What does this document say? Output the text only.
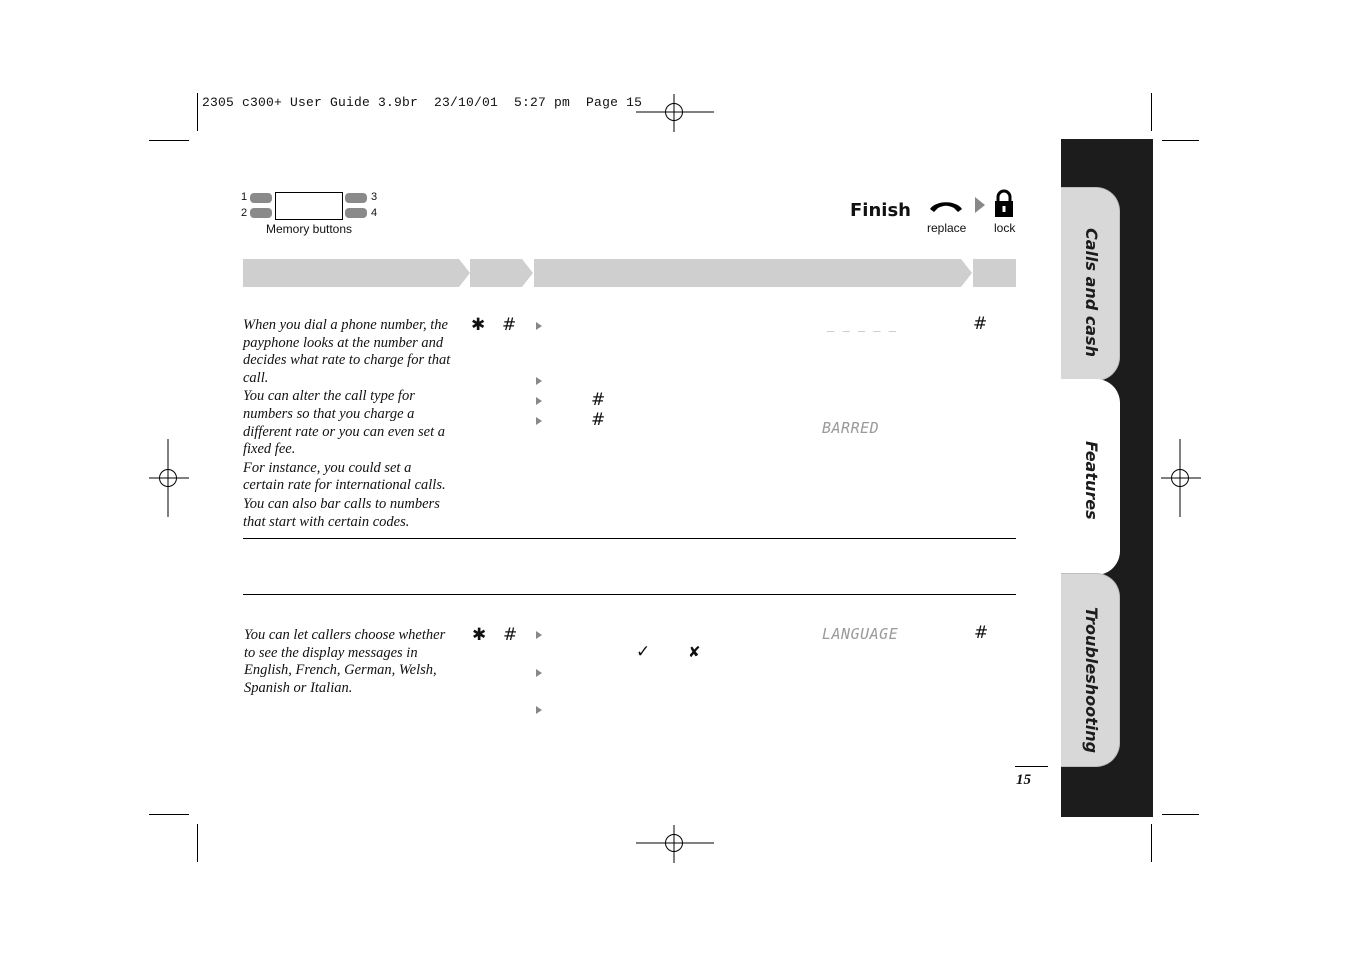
2305 c300+ User Guide 3.9br  23/10/01  5:27 pm  Page 15
1
2
3
4
Memory buttons
Finish
replace lock
When you dial a phone number, the payphone looks at the number and decides what rate to charge for that call.
You can alter the call type for numbers so that you charge a different rate or you can even set a fixed fee.
For instance, you could set a certain rate for international calls.
You can also bar calls to numbers that start with certain codes.
✱ #
#
#
_ _ _ _ _
BARRED
#
You can let callers choose whether to see the display messages in English, French, German, Welsh, Spanish or Italian.
✱ #
✓	✘
LANGUAGE	#
15
Calls and cash
Features
Troubleshooting
